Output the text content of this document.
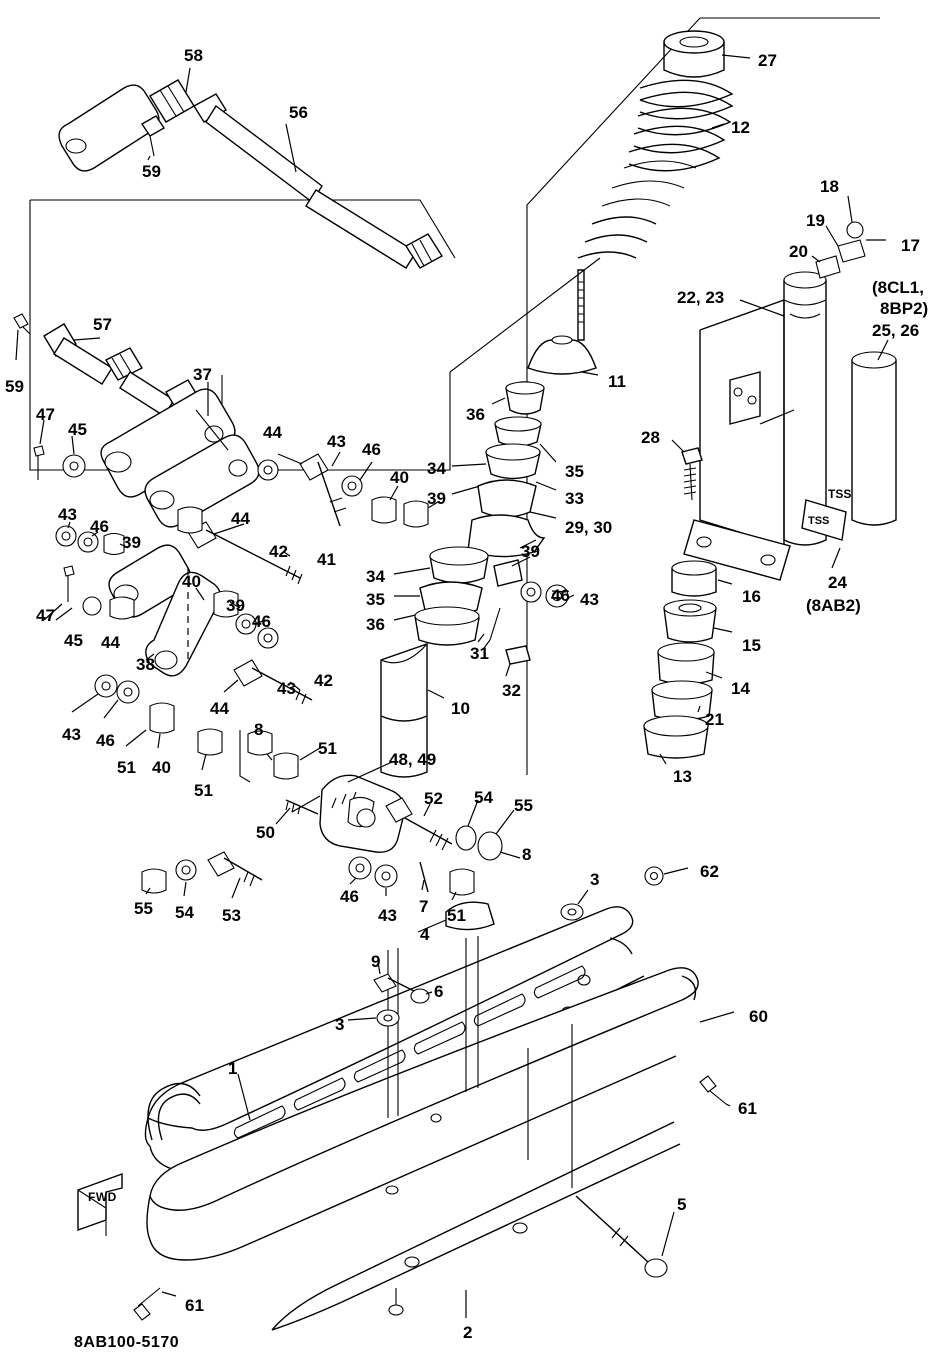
TSS
TSS
FWD
58
56
59
27
12
18
19
17
20
(8CL1,
8BP2)
22, 23
25, 26
57
59	11
37
36
28
47
45	44	43 46
34	35
40
39	33
43
46	29, 30
39
44
41
42	39
40
16
34
35	46 43
39
46
47	36
24
(8AB2)
15
45 44
31
14
38
42
32
10
21
44
43
46
43	8
51
13
51 40
51
48, 49
52 54 55
50
8
62
3
55 54 53
46
43 7 51
4
9
6
3	60
1
61
5
61
2
8AB100-5170
